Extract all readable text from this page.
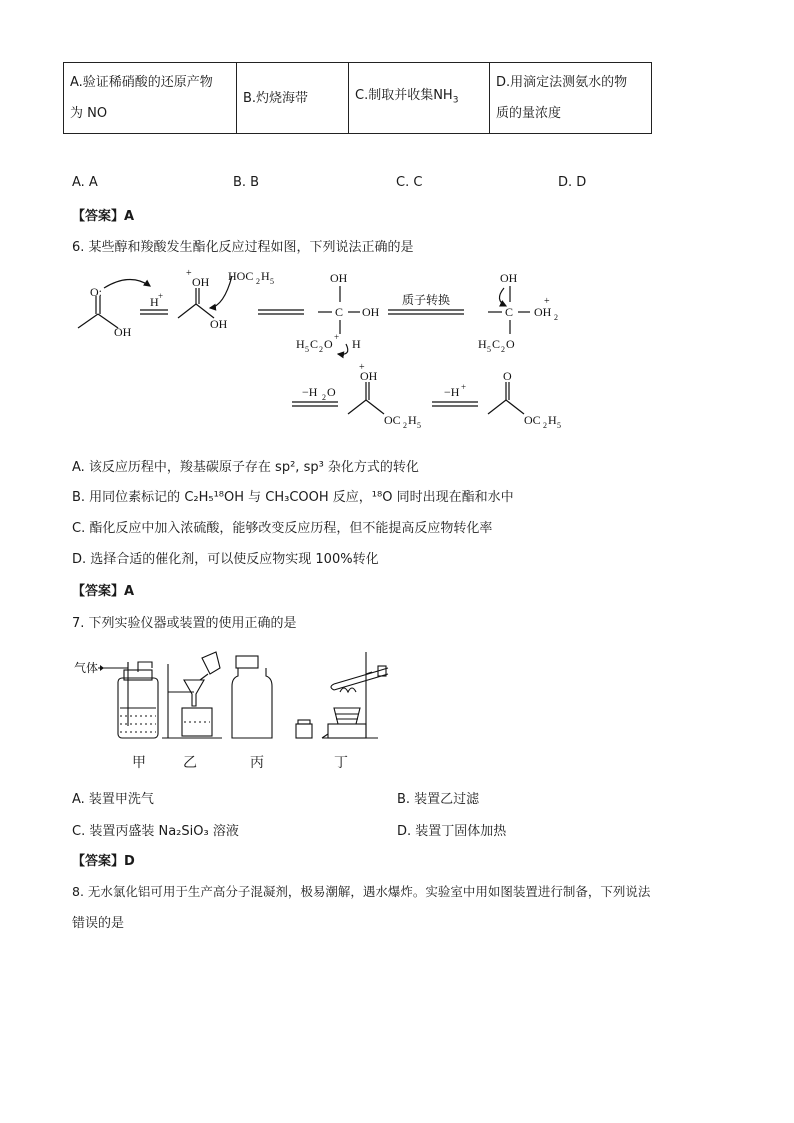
A.验证稀硝酸的还原产物
为 NO	B.灼烧海带	C.制取并收集$NH_3$	D.用滴定法测氨水的物
质的量浓度
A. A	B. B	C. C	D. D
【答案】A
6. 某些醇和羧酸发生酯化反应过程如图，下列说法正确的是
O:
OH
H +
+
OH
OH
HOC 2 H 5	OH
C OH
H 5 C 2 O + H
质子转换
OH
C OH 2
+
H 5 C 2 O
−H 2 O
+
OH
OC 2 H 5
−H +
O
OC 2 H 5
A. 该反应历程中，羧基碳原子存在 sp², sp³ 杂化方式的转化
B. 用同位素标记的 C₂H₅¹⁸OH 与 CH₃COOH 反应，¹⁸O 同时出现在酯和水中
C. 酯化反应中加入浓硫酸，能够改变反应历程，但不能提高反应物转化率
D. 选择合适的催化剂，可以使反应物实现 100%转化
【答案】A
7. 下列实验仪器或装置的使用正确的是
气体
甲	乙	丙	丁
A. 装置甲洗气	B. 装置乙过滤
C. 装置丙盛装 Na₂SiO₃ 溶液	D. 装置丁固体加热
【答案】D
8. 无水氯化铝可用于生产高分子混凝剂，极易潮解，遇水爆炸。实验室中用如图装置进行制备，下列说法
错误的是
